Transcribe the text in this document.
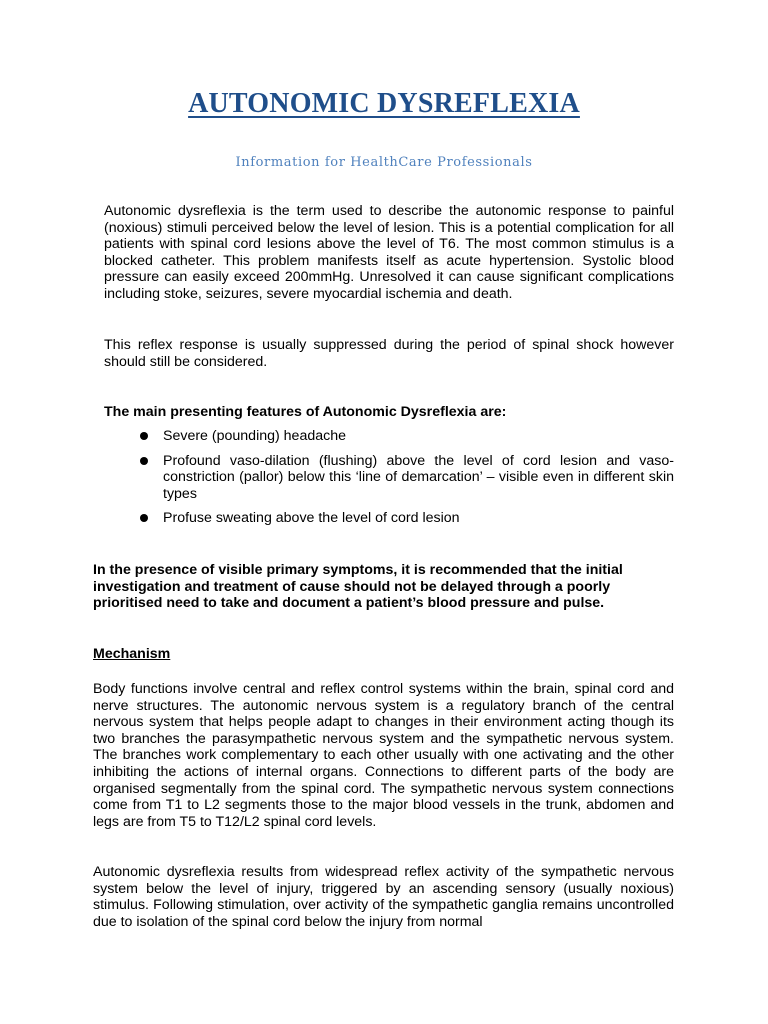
AUTONOMIC DYSREFLEXIA
Information for HealthCare Professionals

Autonomic dysreflexia is the term used to describe the autonomic response to painful (noxious) stimuli perceived below the level of lesion. This is a potential complication for all patients with spinal cord lesions above the level of T6. The most common stimulus is a blocked catheter. This problem manifests itself as acute hypertension. Systolic blood pressure can easily exceed 200mmHg. Unresolved it can cause significant complications including stoke, seizures, severe myocardial ischemia and death.

This reflex response is usually suppressed during the period of spinal shock however should still be considered.

The main presenting features of Autonomic Dysreflexia are:

Severe (pounding) headache
Profound vaso-dilation (flushing) above the level of cord lesion and vaso-constriction (pallor) below this ‘line of demarcation’ – visible even in different skin types
Profuse sweating above the level of cord lesion

In the presence of visible primary symptoms, it is recommended that the initial investigation and treatment of cause should not be delayed through a poorly prioritised need to take and document a patient’s blood pressure and pulse.

Mechanism

Body functions involve central and reflex control systems within the brain, spinal cord and nerve structures. The autonomic nervous system is a regulatory branch of the central nervous system that helps people adapt to changes in their environment acting though its two branches the parasympathetic nervous system and the sympathetic nervous system. The branches work complementary to each other usually with one activating and the other inhibiting the actions of internal organs. Connections to different parts of the body are organised segmentally from the spinal cord. The sympathetic nervous system connections come from T1 to L2 segments those to the major blood vessels in the trunk, abdomen and legs are from T5 to T12/L2 spinal cord levels.

Autonomic dysreflexia results from widespread reflex activity of the sympathetic nervous system below the level of injury, triggered by an ascending sensory (usually noxious) stimulus. Following stimulation, over activity of the sympathetic ganglia remains uncontrolled due to isolation of the spinal cord below the injury from normal
